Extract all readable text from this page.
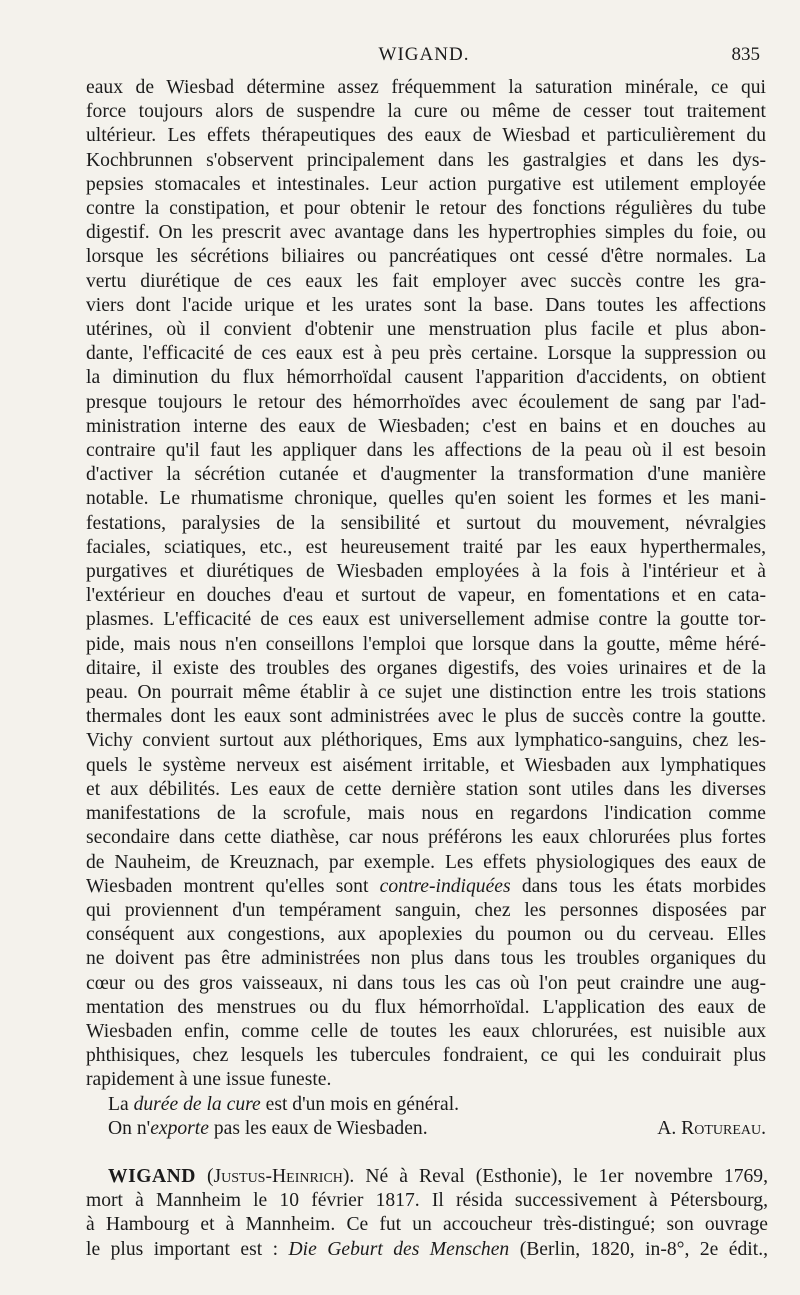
WIGAND.	835
eaux de Wiesbad détermine assez fréquemment la saturation minérale, ce qui
force toujours alors de suspendre la cure ou même de cesser tout traitement
ultérieur. Les effets thérapeutiques des eaux de Wiesbad et particulièrement du
Kochbrunnen s'observent principalement dans les gastralgies et dans les dys-
pepsies stomacales et intestinales. Leur action purgative est utilement employée
contre la constipation, et pour obtenir le retour des fonctions régulières du tube
digestif. On les prescrit avec avantage dans les hypertrophies simples du foie, ou
lorsque les sécrétions biliaires ou pancréatiques ont cessé d'être normales. La
vertu diurétique de ces eaux les fait employer avec succès contre les gra-
viers dont l'acide urique et les urates sont la base. Dans toutes les affections
utérines, où il convient d'obtenir une menstruation plus facile et plus abon-
dante, l'efficacité de ces eaux est à peu près certaine. Lorsque la suppression ou
la diminution du flux hémorrhoïdal causent l'apparition d'accidents, on obtient
presque toujours le retour des hémorrhoïdes avec écoulement de sang par l'ad-
ministration interne des eaux de Wiesbaden; c'est en bains et en douches au
contraire qu'il faut les appliquer dans les affections de la peau où il est besoin
d'activer la sécrétion cutanée et d'augmenter la transformation d'une manière
notable. Le rhumatisme chronique, quelles qu'en soient les formes et les mani-
festations, paralysies de la sensibilité et surtout du mouvement, névralgies
faciales, sciatiques, etc., est heureusement traité par les eaux hyperthermales,
purgatives et diurétiques de Wiesbaden employées à la fois à l'intérieur et à
l'extérieur en douches d'eau et surtout de vapeur, en fomentations et en cata-
plasmes. L'efficacité de ces eaux est universellement admise contre la goutte tor-
pide, mais nous n'en conseillons l'emploi que lorsque dans la goutte, même héré-
ditaire, il existe des troubles des organes digestifs, des voies urinaires et de la
peau. On pourrait même établir à ce sujet une distinction entre les trois stations
thermales dont les eaux sont administrées avec le plus de succès contre la goutte.
Vichy convient surtout aux pléthoriques, Ems aux lymphatico-sanguins, chez les-
quels le système nerveux est aisément irritable, et Wiesbaden aux lymphatiques
et aux débilités. Les eaux de cette dernière station sont utiles dans les diverses
manifestations de la scrofule, mais nous en regardons l'indication comme
secondaire dans cette diathèse, car nous préférons les eaux chlorurées plus fortes
de Nauheim, de Kreuznach, par exemple. Les effets physiologiques des eaux de
Wiesbaden montrent qu'elles sont contre-indiquées dans tous les états morbides
qui proviennent d'un tempérament sanguin, chez les personnes disposées par
conséquent aux congestions, aux apoplexies du poumon ou du cerveau. Elles
ne doivent pas être administrées non plus dans tous les troubles organiques du
cœur ou des gros vaisseaux, ni dans tous les cas où l'on peut craindre une aug-
mentation des menstrues ou du flux hémorrhoïdal. L'application des eaux de
Wiesbaden enfin, comme celle de toutes les eaux chlorurées, est nuisible aux
phthisiques, chez lesquels les tubercules fondraient, ce qui les conduirait plus
rapidement à une issue funeste.
La durée de la cure est d'un mois en général.
On n'exporte pas les eaux de Wiesbaden.	A. Rotureau.
WIGAND (Justus-Heinrich). Né à Reval (Esthonie), le 1er novembre 1769,
mort à Mannheim le 10 février 1817. Il résida successivement à Pétersbourg,
à Hambourg et à Mannheim. Ce fut un accoucheur très-distingué; son ouvrage
le plus important est : Die Geburt des Menschen (Berlin, 1820, in-8°, 2e édit.,
